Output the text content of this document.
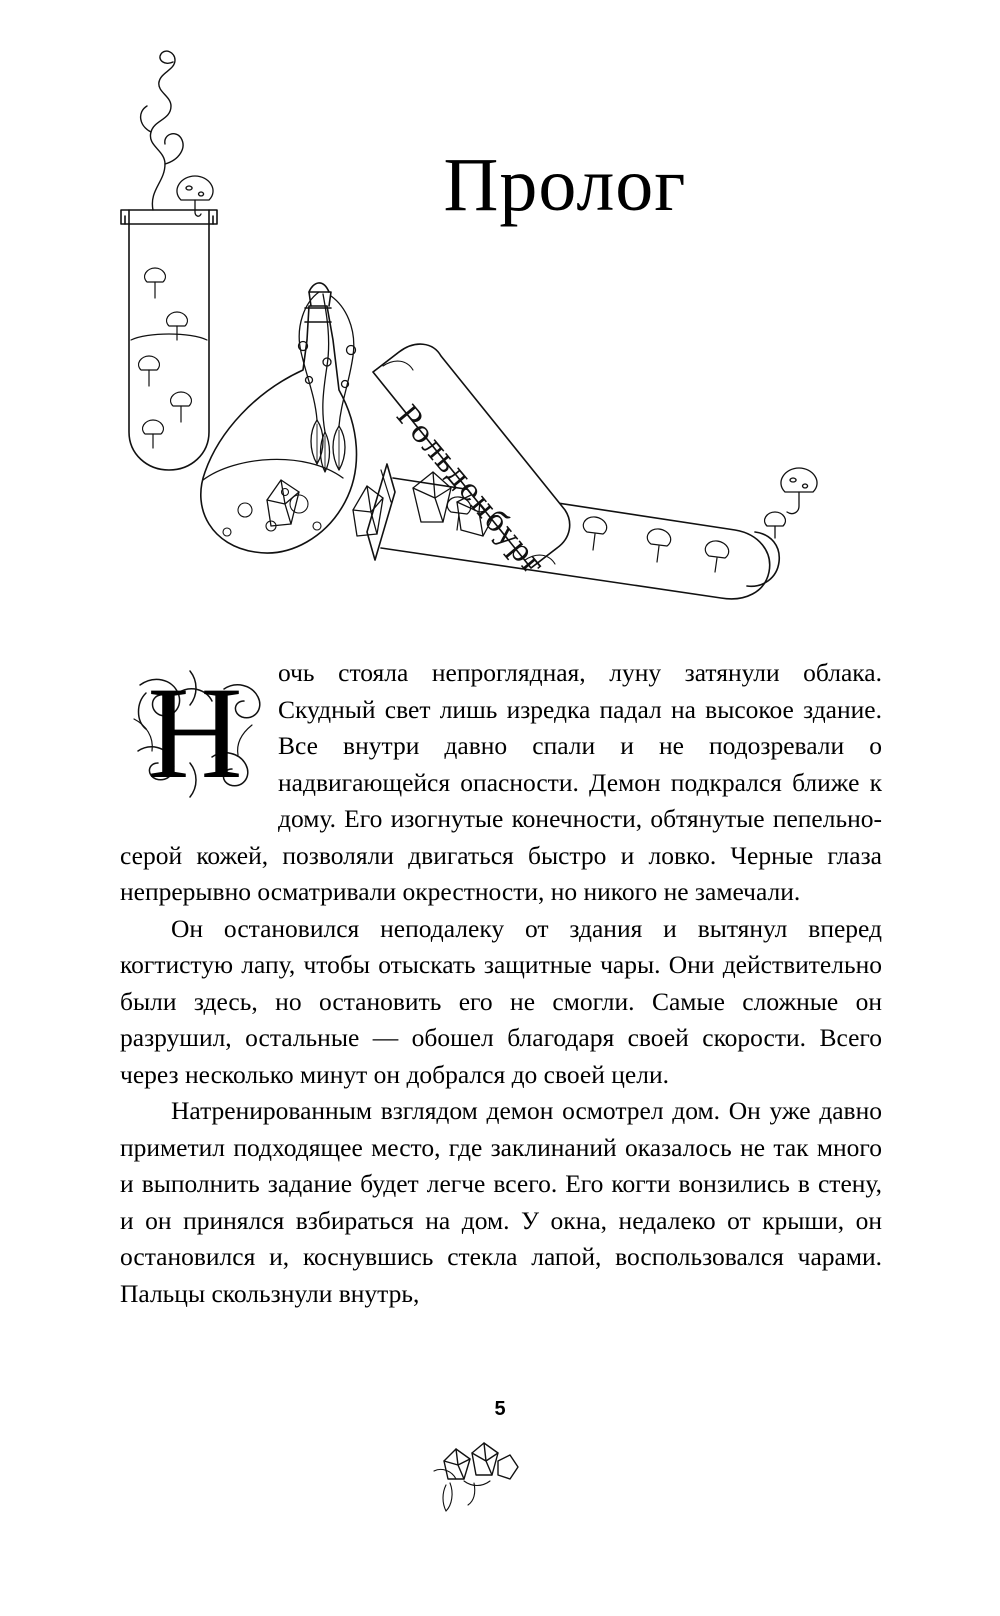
Рольденбург
Пролог

Н	очь стояла непроглядная, луну затянули облака. Скудный свет лишь изредка падал на высокое здание. Все внутри давно спали и не подозревали о надвигающейся опасности. Демон подкрался ближе к дому. Его изогнутые конечности, обтянутые пепельно-серой кожей, позволяли двигаться быстро и ловко. Черные глаза непрерывно осматривали окрестности, но никого не замечали.

Он остановился неподалеку от здания и вытянул вперед когтистую лапу, чтобы отыскать защитные чары. Они действительно были здесь, но остановить его не смогли. Самые сложные он разрушил, остальные — обошел благодаря своей скорости. Всего через несколько минут он добрался до своей цели.

Натренированным взглядом демон осмотрел дом. Он уже давно приметил подходящее место, где заклинаний оказалось не так много и выполнить задание будет легче всего. Его когти вонзились в стену, и он принялся взбираться на дом. У окна, недалеко от крыши, он остановился и, коснувшись стекла лапой, воспользовался чарами. Пальцы скользнули внутрь,

5
